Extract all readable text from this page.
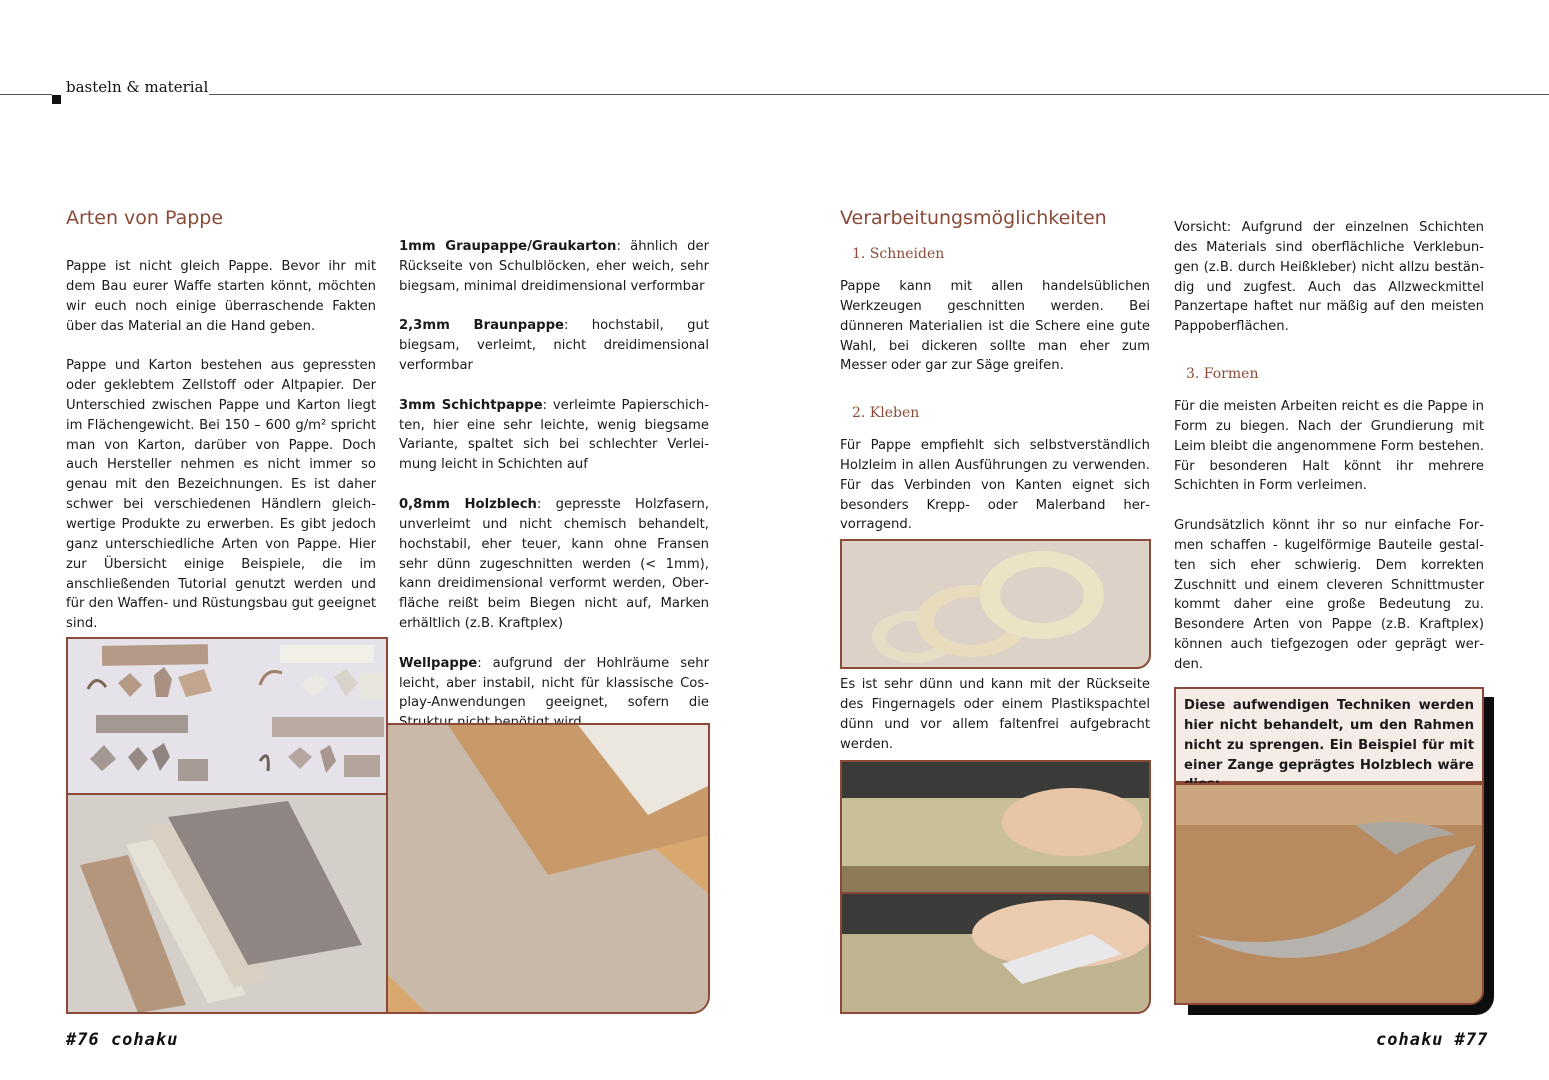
basteln & material
Arten von Pappe

Pappe ist nicht gleich Pappe. Bevor ihr mit dem Bau eurer Waffe starten könnt, möchten wir euch noch einige überraschende Fakten über das Material an die Hand geben.

Pappe und Karton bestehen aus gepressten oder geklebtem Zellstoff oder Altpapier. Der Unterschied zwischen Pappe und Karton liegt im Flächengewicht. Bei 150 – 600 g/m² spricht man von Karton, darüber von Pappe. Doch auch Hersteller nehmen es nicht immer so genau mit den Bezeichnungen. Es ist daher schwer bei verschiedenen Händlern gleichwertige Produkte zu erwerben. Es gibt jedoch ganz unterschiedliche Arten von Pappe. Hier zur Übersicht einige Beispiele, die im anschließenden Tutorial genutzt werden und für den Waffen- und Rüstungsbau gut geeignet sind.

1mm Graupappe/Graukarton: ähnlich der Rückseite von Schulblöcken, eher weich, sehr biegsam, minimal dreidimensional verformbar

2,3mm Braunpappe: hochstabil, gut biegsam, verleimt, nicht dreidimensional verformbar

3mm Schichtpappe: verleimte Papierschichten, hier eine sehr leichte, wenig biegsame Variante, spaltet sich bei schlechter Verleimung leicht in Schichten auf

0,8mm Holzblech: gepresste Holzfasern, unverleimt und nicht chemisch behandelt, hochstabil, eher teuer, kann ohne Fransen sehr dünn zugeschnitten werden (< 1mm), kann dreidimensional verformt werden, Oberfläche reißt beim Biegen nicht auf, Marken erhältlich (z.B. Kraftplex)

Wellpappe: aufgrund der Hohlräume sehr leicht, aber instabil, nicht für klassische Cosplay-Anwendungen geeignet, sofern die

#76 cohaku
Verarbeitungsmöglichkeiten
1. Schneiden
Pappe kann mit allen handelsüblichen Werkzeugen geschnitten werden. Bei dünneren Materialien ist die Schere eine gute Wahl, bei dickeren sollte man eher zum Messer oder gar zur Säge greifen.
2. Kleben
Für Pappe empfiehlt sich selbstverständlich Holzleim in allen Ausführungen zu verwenden. Für das Verbinden von Kanten eignet sich besonders Krepp- oder Malerband hervorragend.
Es ist sehr dünn und kann mit der Rückseite des Fingernagels oder einem Plastikspachtel dünn und vor allem faltenfrei aufgebracht werden.
Vorsicht: Aufgrund der einzelnen Schichten des Materials sind oberflächliche Verklebungen (z.B. durch Heißkleber) nicht allzu beständig und zugfest. Auch das Allzweckmittel Panzertape haftet nur mäßig auf den meisten Pappoberflächen.
3. Formen

Für die meisten Arbeiten reicht es die Pappe in Form zu biegen. Nach der Grundierung mit Leim bleibt die angenommene Form bestehen. Für besonderen Halt könnt ihr mehrere Schichten in Form verleimen.

Grundsätzlich könnt ihr so nur einfache Formen schaffen - kugelförmige Bauteile gestalten sich eher schwierig. Dem korrekten Zuschnitt und einem cleveren Schnittmuster kommt daher eine große Bedeutung zu. Besondere Arten von Pappe (z.B. Kraftplex) können auch tiefgezogen oder geprägt werden.

Diese aufwendigen Techniken werden hier nicht behandelt, um den Rahmen nicht zu sprengen. Ein Beispiel für mit einer Zange geprägtes Holzblech wäre
cohaku #77
